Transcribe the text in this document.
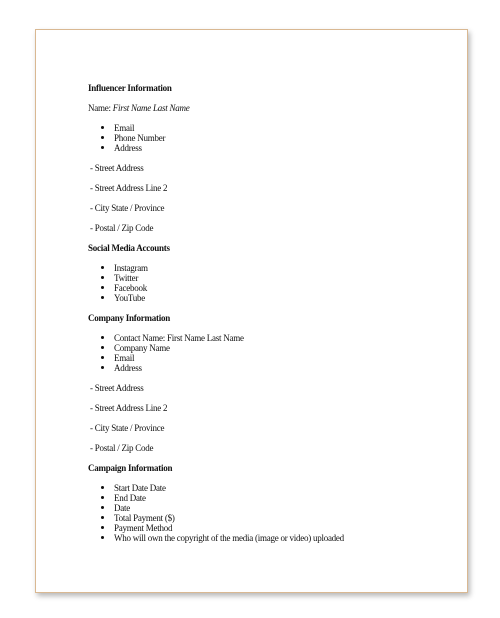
Influencer Information
Name: First Name Last Name
Email
Phone Number
Address
- Street Address
- Street Address Line 2
- City State / Province
- Postal / Zip Code
Social Media Accounts
Instagram
Twitter
Facebook
YouTube
Company Information
Contact Name: First Name Last Name
Company Name
Email
Address
- Street Address
- Street Address Line 2
- City State / Province
- Postal / Zip Code
Campaign Information
Start Date Date
End Date
Date
Total Payment ($)
Payment Method
Who will own the copyright of the media (image or video) uploaded
